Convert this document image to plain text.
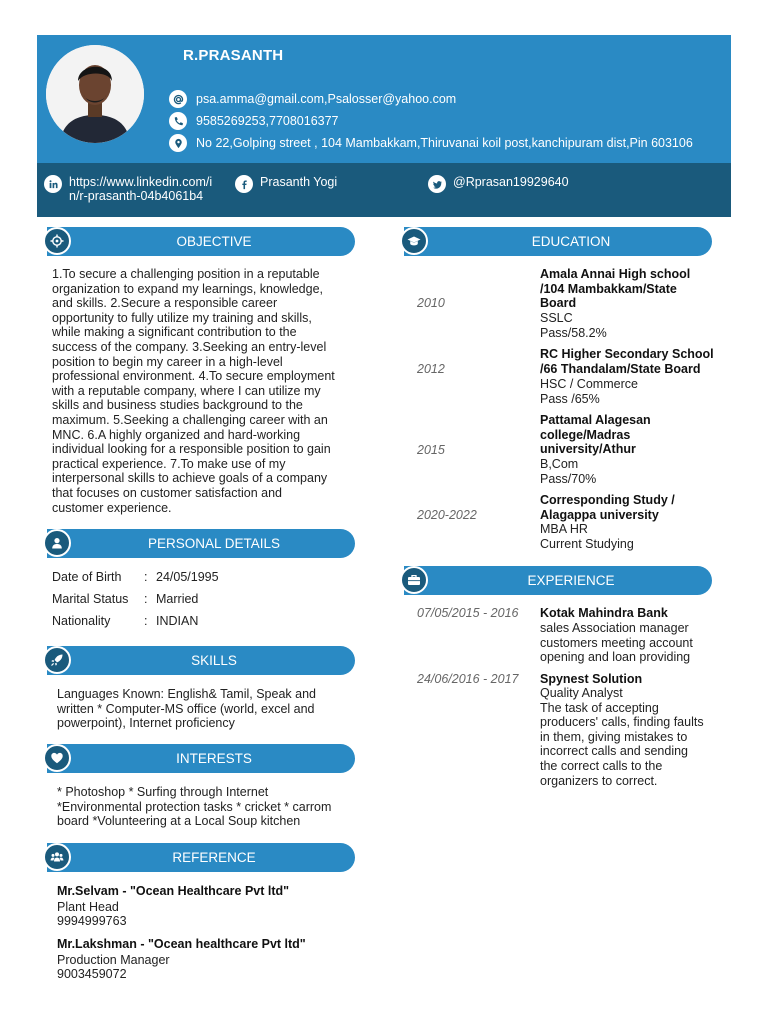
R.PRASANTH
psa.amma@gmail.com,Psalosser@yahoo.com
9585269253,7708016377
No 22,Golping street , 104 Mambakkam,Thiruvanai koil post,kanchipuram dist,Pin 603106
https://www.linkedin.com/i
n/r-prasanth-04b4061b4
Prasanth Yogi	@Rprasan19929640
OBJECTIVE
1.To secure a challenging position in a reputable
organization to expand my learnings, knowledge,
and skills. 2.Secure a responsible career
opportunity to fully utilize my training and skills,
while making a significant contribution to the
success of the company. 3.Seeking an entry-level
position to begin my career in a high-level
professional environment. 4.To secure employment
with a reputable company, where I can utilize my
skills and business studies background to the
maximum. 5.Seeking a challenging career with an
MNC. 6.A highly organized and hard-working
individual looking for a responsible position to gain
practical experience. 7.To make use of my
interpersonal skills to achieve goals of a company
that focuses on customer satisfaction and
customer experience.
PERSONAL DETAILS
Date of Birth	: 24/05/1995
Marital Status	: Married
Nationality	: INDIAN
SKILLS
Languages Known: English& Tamil, Speak and
written * Computer-MS office (world, excel and
powerpoint), Internet proficiency
INTERESTS
* Photoshop * Surfing through Internet
*Environmental protection tasks * cricket * carrom
board *Volunteering at a Local Soup kitchen
REFERENCE
Mr.Selvam - "Ocean Healthcare Pvt ltd"
Plant Head
9994999763
Mr.Lakshman - "Ocean healthcare Pvt ltd"
Production Manager
9003459072
EDUCATION
2010
Amala Annai High school
/104 Mambakkam/State
Board
SSLC
Pass/58.2%
2012
RC Higher Secondary School
/66 Thandalam/State Board
HSC / Commerce
Pass /65%
2015
Pattamal Alagesan
college/Madras
university/Athur
B,Com
Pass/70%
2020-2022
Corresponding Study /
Alagappa university
MBA HR
Current Studying
EXPERIENCE
07/05/2015 - 2016 Kotak Mahindra Bank
sales Association manager
customers meeting account
opening and loan providing
24/06/2016 - 2017 Spynest Solution
Quality Analyst
The task of accepting
producers' calls, finding faults
in them, giving mistakes to
incorrect calls and sending
the correct calls to the
organizers to correct.
